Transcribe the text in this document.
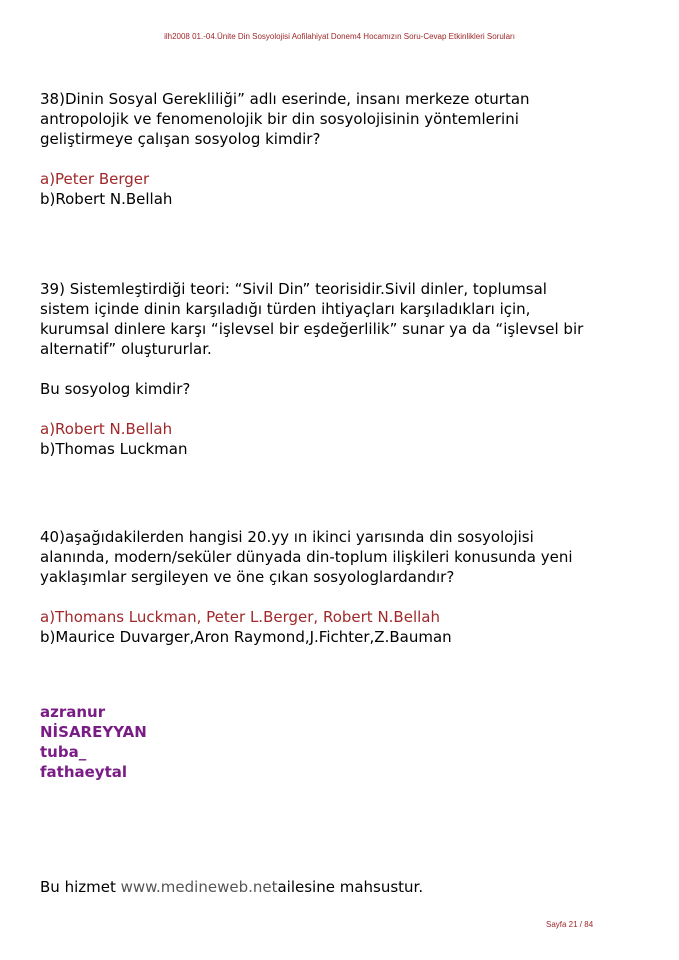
ilh2008 01.-04.Ünite Din Sosyolojisi Aofilahiyat Donem4 Hocamızın Soru-Cevap Etkinlikleri Soruları

38)Dinin Sosyal Gerekliliği” adlı eserinde, insanı merkeze oturtan

antropolojik ve fenomenolojik bir din sosyolojisinin yöntemlerini

geliştirmeye çalışan sosyolog kimdir?

a)Peter Berger

b)Robert N.Bellah

39) Sistemleştirdiği teori: “Sivil Din” teorisidir.Sivil dinler, toplumsal

sistem içinde dinin karşıladığı türden ihtiyaçları karşıladıkları için,

kurumsal dinlere karşı “işlevsel bir eşdeğerlilik” sunar ya da “işlevsel bir

alternatif” oluştururlar.

Bu sosyolog kimdir?

a)Robert N.Bellah

b)Thomas Luckman

40)aşağıdakilerden hangisi 20.yy ın ikinci yarısında din sosyolojisi

alanında, modern/seküler dünyada din-toplum ilişkileri konusunda yeni

yaklaşımlar sergileyen ve öne çıkan sosyologlardandır?

a)Thomans Luckman, Peter L.Berger, Robert N.Bellah

b)Maurice Duvarger,Aron Raymond,J.Fichter,Z.Bauman

azranur

NİSAREYYAN

tuba_

fathaeytal

Bu hizmet www.medineweb.netailesine mahsustur.
Sayfa 21 / 84
